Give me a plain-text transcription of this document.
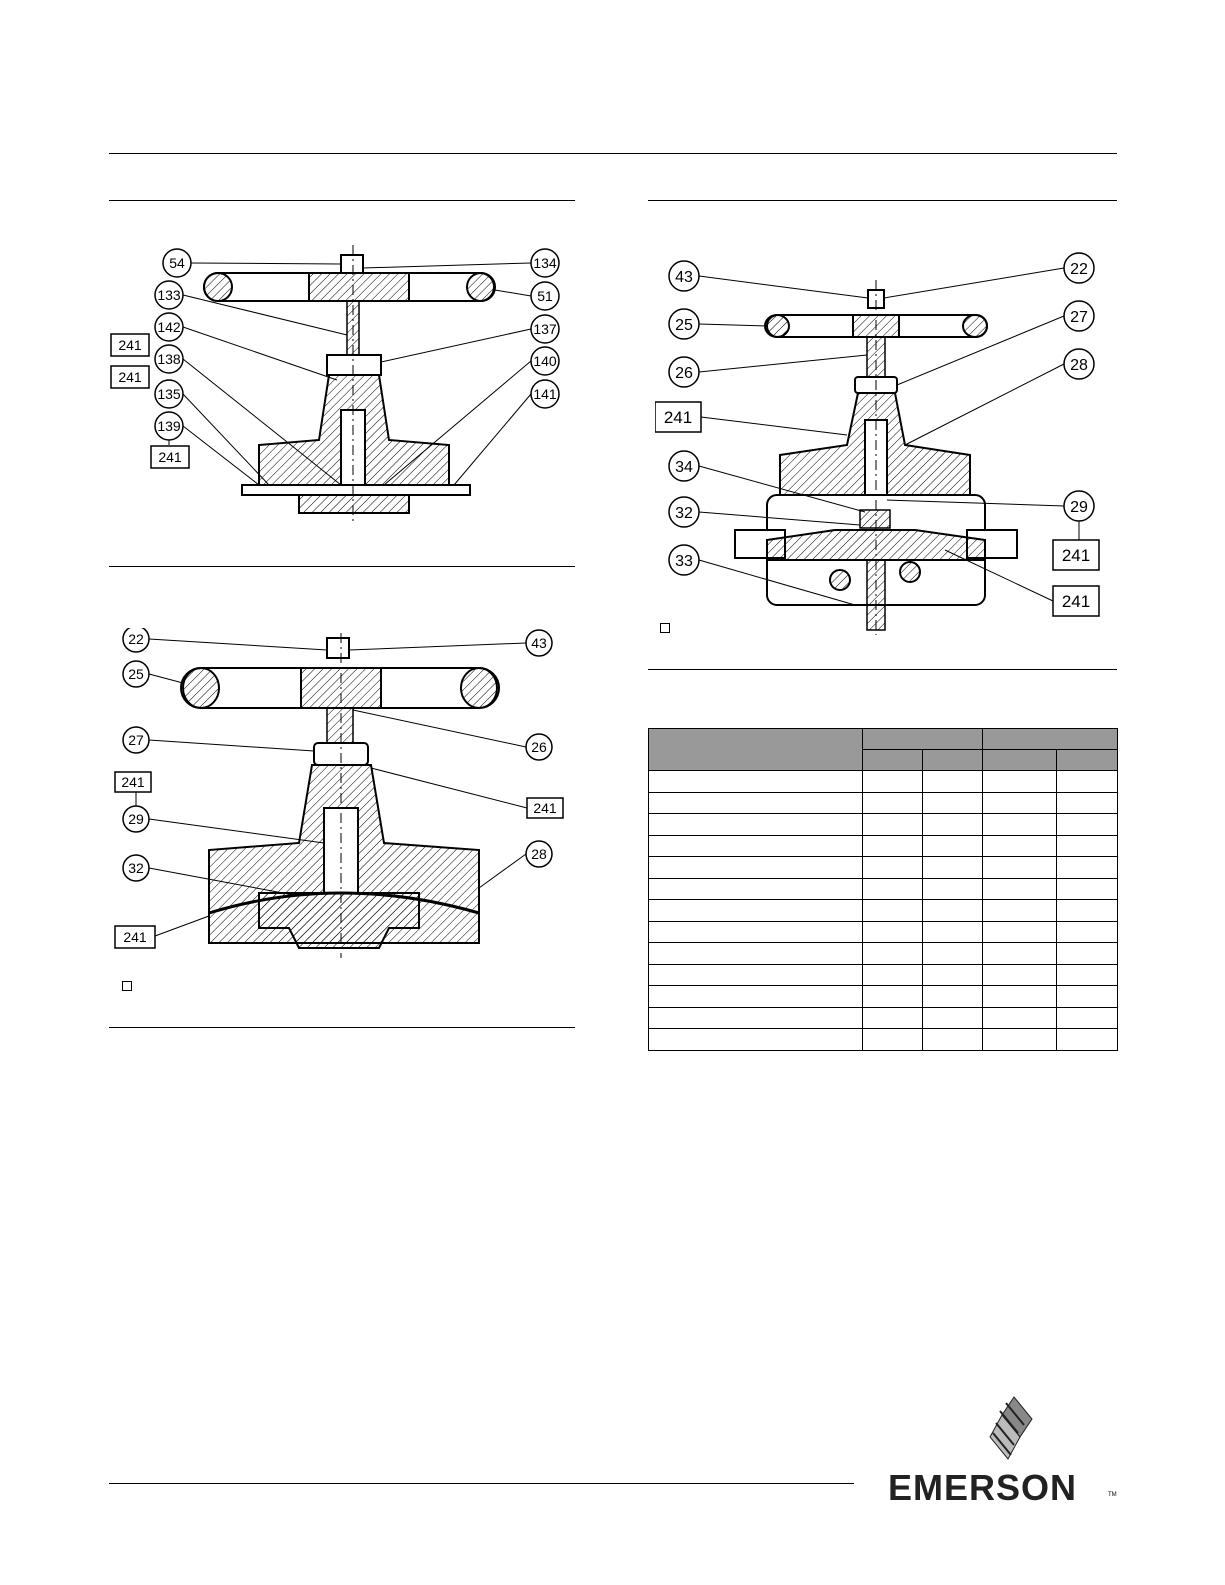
54	134
133	51
142	137
138	140
135	141
139
241
241
241
22	43
25
26
27
29
32
28
241
241
241
43	22
25	27
26	28
34
29
32
33
241
241
241

EMERSON	TM
